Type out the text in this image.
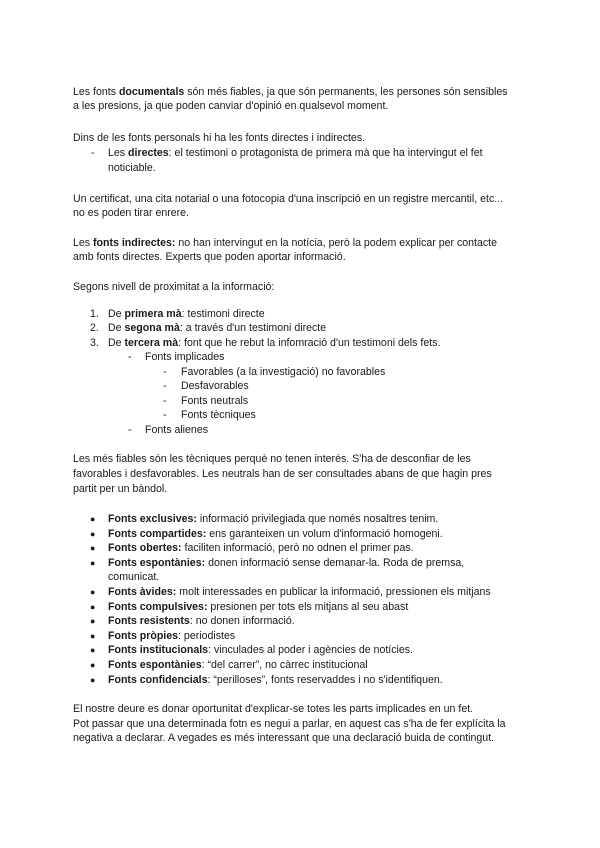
Les fonts documentals són més fiables, ja que són permanents, les persones són sensibles
a les presions, ja que poden canviar d'opinió en qualsevol moment.
Dins de les fonts personals hi ha les fonts directes i indirectes.
- Les directes: el testimoni o protagonista de primera mà que ha intervingut el fet
noticiable.
Un certificat, una cita notarial o una fotocopia d'una inscripció en un registre mercantil, etc...
no es poden tirar enrere.
Les fonts indirectes: no han intervingut en la notícia, però la podem explicar per contacte
amb fonts directes. Experts que poden aportar informació.
Segons nivell de proximitat a la informació:
1. De primera mà: testimoni directe
2. De segona mà: a través d'un testimoni directe
3. De tercera mà: font que he rebut la infomració d'un testimoni dels fets.
- Fonts implicades
- Favorables (a la investigació) no favorables
- Desfavorables
- Fonts neutrals
- Fonts tècniques
- Fonts alienes
Les més fiables són les tècniques perquè no tenen interés. S'ha de desconfiar de les
favorables i desfavorables. Les neutrals han de ser consultades abans de que hagin pres
partit per un bàndol.
● Fonts exclusives: informació privilegiada que només nosaltres tenim.
● Fonts compartides: ens garanteixen un volum d'informació homogeni.
● Fonts obertes: faciliten informació, però no odnen el primer pas.
● Fonts espontànies: donen informació sense demanar-la. Roda de premsa,
comunicat.
● Fonts àvides: molt interessades en publicar la informació, pressionen els mitjans
● Fonts compulsives: presionen per tots els mitjans al seu abast
● Fonts resistents: no donen informació.
● Fonts pròpies: periodistes
● Fonts institucionals: vinculades al poder i agències de notícies.
● Fonts espontànies: “del carrer”, no càrrec institucional
● Fonts confidencials: “perilloses”, fonts reservaddes i no s'identifiquen.
El nostre deure es donar oportunitat d'explicar-se totes les parts implicades en un fet.
Pot passar que una determinada fotn es negui a parlar, en aquest cas s'ha de fer explícita la
negativa a declarar. A vegades es més interessant que una declaració buida de contingut.
